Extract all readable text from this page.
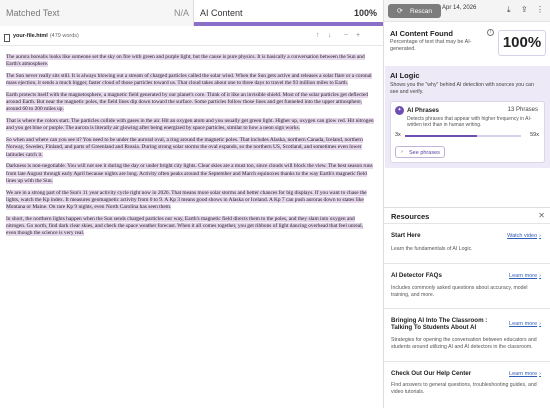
Matched Text	N/A AI Content	100%
your-file.html (479 words)	↑ ↓ − +

The aurora borealis looks like someone set the sky on fire with green and purple light, but the cause is pure physics. It is basically a conversation between the Sun and Earth's atmosphere.

The Sun never really sits still. It is always blowing out a stream of charged particles called the solar wind. When the Sun gets active and releases a solar flare or a coronal mass ejection, it sends a much bigger, faster cloud of those particles toward us. That cloud takes about one to three days to travel the 93 million miles to Earth.

Earth protects itself with the magnetosphere, a magnetic field generated by our planet's core. Think of it like an invisible shield. Most of the solar particles get deflected around Earth. But near the magnetic poles, the field lines dip down toward the surface. Some particles follow those lines and get funneled into the upper atmosphere, around 60 to 200 miles up.

That is where the colors start. The particles collide with gases in the air. Hit an oxygen atom and you usually get green light. Higher up, oxygen can glow red. Hit nitrogen and you get blue or purple. The aurora is literally air glowing after being energized by space particles, similar to how a neon sign works.

So when and where can you see it? You need to be under the auroral oval, a ring around the magnetic poles. That includes Alaska, northern Canada, Iceland, northern Norway, Sweden, Finland, and parts of Greenland and Russia. During strong solar storms the oval expands, so the northern US, Scotland, and sometimes even lower latitudes catch it.

Darkness is non-negotiable. You will not see it during the day or under bright city lights. Clear skies are a must too, since clouds will block the view. The best season runs from late August through early April because nights are long. Activity often peaks around the September and March equinoxes thanks to the way Earth's magnetic field lines up with the Sun.

We are in a strong part of the Sun's 11 year activity cycle right now in 2026. That means more solar storms and better chances for big displays. If you want to chase the lights, watch the Kp index. It measures geomagnetic activity from 0 to 9. A Kp 3 means good shows in Alaska or Iceland. A Kp 7 can push auroras down to states like Montana or Maine. On rare Kp 9 nights, even North Carolina has seen them.

In short, the northern lights happen when the Sun sends charged particles our way, Earth's magnetic field directs them to the poles, and they slam into oxygen and nitrogen. Go north, find dark clear skies, and check the space weather forecast. When it all comes together, you get ribbons of light dancing overhead that feel unreal, even though the science is very real.

⟳ Rescan Apr 14, 2026	⤓ ⇪ ⋮
AI Content Found	i
Percentage of text that may be AI-generated.	100%
AI Logic
Shows you the "why" behind AI detection with sources you can see and verify.
✦ AI Phrases	13 Phrases
Detects phrases that appear with higher frequency in AI-written text than in human writing.
3x	59x
› See phrases
Resources	✕
Start Here	Watch video ›
Learn the fundamentals of AI Logic.
AI Detector FAQs	Learn more ›
Includes commonly asked questions about accuracy, model training, and more.
Bringing AI Into The Classroom : Talking To Students About AI
Learn more ›
Strategies for opening the conversation between educators and students around utilizing AI and AI detectors in the classroom.
Check Out Our Help Center	Learn more ›
Find answers to general questions, troubleshooting guides, and video tutorials.
